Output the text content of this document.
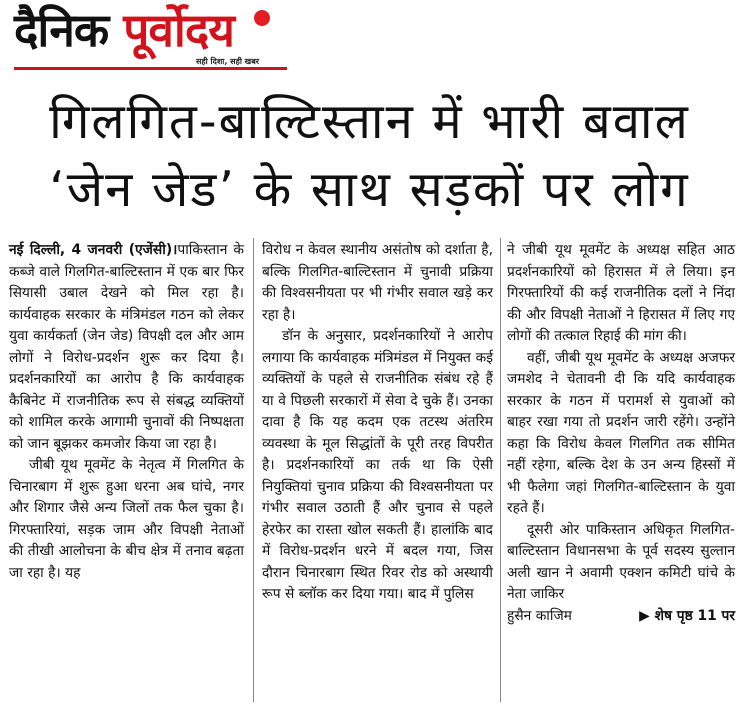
दैनिक पूर्वोदय
सही दिशा, सही खबर
गिलगित-बाल्टिस्तान में भारी बवाल
‘जेन जेड’ के साथ सड़कों पर लोग

नई दिल्ली, 4 जनवरी (एजेंसी)।पाकिस्तान के कब्जे वाले गिलगित-बाल्टिस्तान में एक बार फिर सियासी उबाल देखने को मिल रहा है। कार्यवाहक सरकार के मंत्रिमंडल गठन को लेकर युवा कार्यकर्ता (जेन जेड) विपक्षी दल और आम लोगों ने विरोध-प्रदर्शन शुरू कर दिया है। प्रदर्शनकारियों का आरोप है कि कार्यवाहक कैबिनेट में राजनीतिक रूप से संबद्ध व्यक्तियों को शामिल करके आगामी चुनावों की निष्पक्षता को जान बूझकर कमजोर किया जा रहा है।

जीबी यूथ मूवमेंट के नेतृत्व में गिलगित के चिनारबाग में शुरू हुआ धरना अब घांचे, नगर और शिगार जैसे अन्य जिलों तक फैल चुका है। गिरफ्तारियां, सड़क जाम और विपक्षी नेताओं की तीखी आलोचना के बीच क्षेत्र में तनाव बढ़ता जा रहा है। यह

विरोध न केवल स्थानीय असंतोष को दर्शाता है, बल्कि गिलगित-बाल्टिस्तान में चुनावी प्रक्रिया की विश्वसनीयता पर भी गंभीर सवाल खड़े कर रहा है।

डॉन के अनुसार, प्रदर्शनकारियों ने आरोप लगाया कि कार्यवाहक मंत्रिमंडल में नियुक्त कई व्यक्तियों के पहले से राजनीतिक संबंध रहे हैं या वे पिछली सरकारों में सेवा दे चुके हैं। उनका दावा है कि यह कदम एक तटस्थ अंतरिम व्यवस्था के मूल सिद्धांतों के पूरी तरह विपरीत है। प्रदर्शनकारियों का तर्क था कि ऐसी नियुक्तियां चुनाव प्रक्रिया की विश्वसनीयता पर गंभीर सवाल उठाती हैं और चुनाव से पहले हेरफेर का रास्ता खोल सकती हैं। हालांकि बाद में विरोध-प्रदर्शन धरने में बदल गया, जिस दौरान चिनारबाग स्थित रिवर रोड को अस्थायी रूप से ब्लॉक कर दिया गया। बाद में पुलिस

ने जीबी यूथ मूवमेंट के अध्यक्ष सहित आठ प्रदर्शनकारियों को हिरासत में ले लिया। इन गिरफ्तारियों की कई राजनीतिक दलों ने निंदा की और विपक्षी नेताओं ने हिरासत में लिए गए लोगों की तत्काल रिहाई की मांग की।

वहीं, जीबी यूथ मूवमेंट के अध्यक्ष अजफर जमशेद ने चेतावनी दी कि यदि कार्यवाहक सरकार के गठन में परामर्श से युवाओं को बाहर रखा गया तो प्रदर्शन जारी रहेंगे। उन्होंने कहा कि विरोध केवल गिलगित तक सीमित नहीं रहेगा, बल्कि देश के उन अन्य हिस्सों में भी फैलेगा जहां गिलगित-बाल्टिस्तान के युवा रहते हैं।

दूसरी ओर पाकिस्तान अधिकृत गिलगित-बाल्टिस्तान विधानसभा के पूर्व सदस्य सुल्तान अली खान ने अवामी एक्शन कमिटी घांचे के नेता जाकिर

हुसैन काजिम	▶ शेष पृष्ठ 11 पर
